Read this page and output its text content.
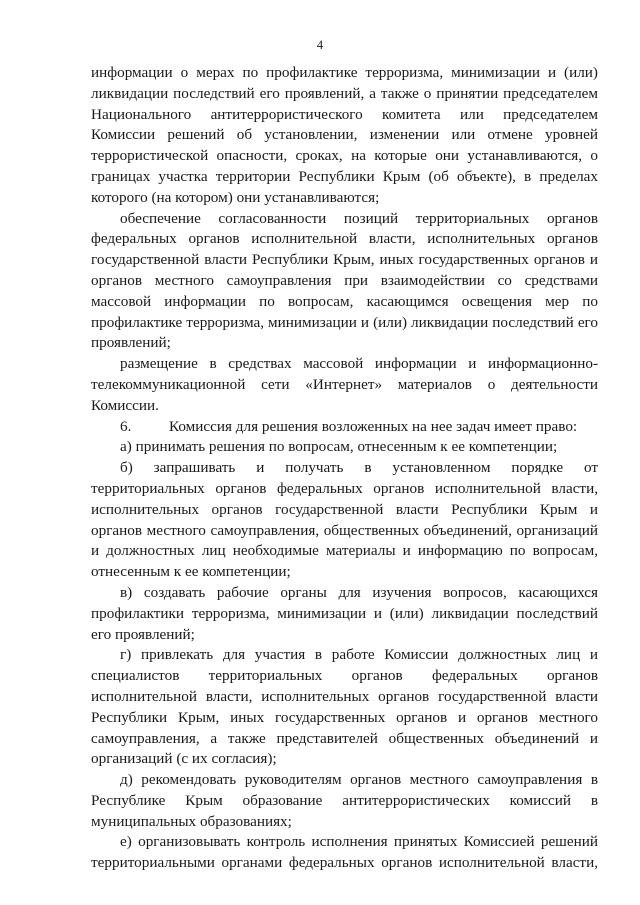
4
информации о мерах по профилактике терроризма, минимизации и (или)
ликвидации последствий его проявлений, а также о принятии председателем
Национального антитеррористического комитета или председателем
Комиссии решений об установлении, изменении или отмене уровней
террористической опасности, сроках, на которые они устанавливаются, о
границах участка территории Республики Крым (об объекте), в пределах
которого (на котором) они устанавливаются;
обеспечение согласованности позиций территориальных органов
федеральных органов исполнительной власти, исполнительных органов
государственной власти Республики Крым, иных государственных органов и
органов местного самоуправления при взаимодействии со средствами
массовой информации по вопросам, касающимся освещения мер по
профилактике терроризма, минимизации и (или) ликвидации последствий его
проявлений;
размещение в средствах массовой информации и информационно-
телекоммуникационной сети «Интернет» материалов о деятельности
Комиссии.
6. Комиссия для решения возложенных на нее задач имеет право:
а) принимать решения по вопросам, отнесенным к ее компетенции;
б) запрашивать и получать в установленном порядке от
территориальных органов федеральных органов исполнительной власти,
исполнительных органов государственной власти Республики Крым и
органов местного самоуправления, общественных объединений, организаций
и должностных лиц необходимые материалы и информацию по вопросам,
отнесенным к ее компетенции;
в) создавать рабочие органы для изучения вопросов, касающихся
профилактики терроризма, минимизации и (или) ликвидации последствий
его проявлений;
г) привлекать для участия в работе Комиссии должностных лиц и
специалистов территориальных органов федеральных органов
исполнительной власти, исполнительных органов государственной власти
Республики Крым, иных государственных органов и органов местного
самоуправления, а также представителей общественных объединений и
организаций (с их согласия);
д) рекомендовать руководителям органов местного самоуправления в
Республике Крым образование антитеррористических комиссий в
муниципальных образованиях;
е) организовывать контроль исполнения принятых Комиссией решений
территориальными органами федеральных органов исполнительной власти,
